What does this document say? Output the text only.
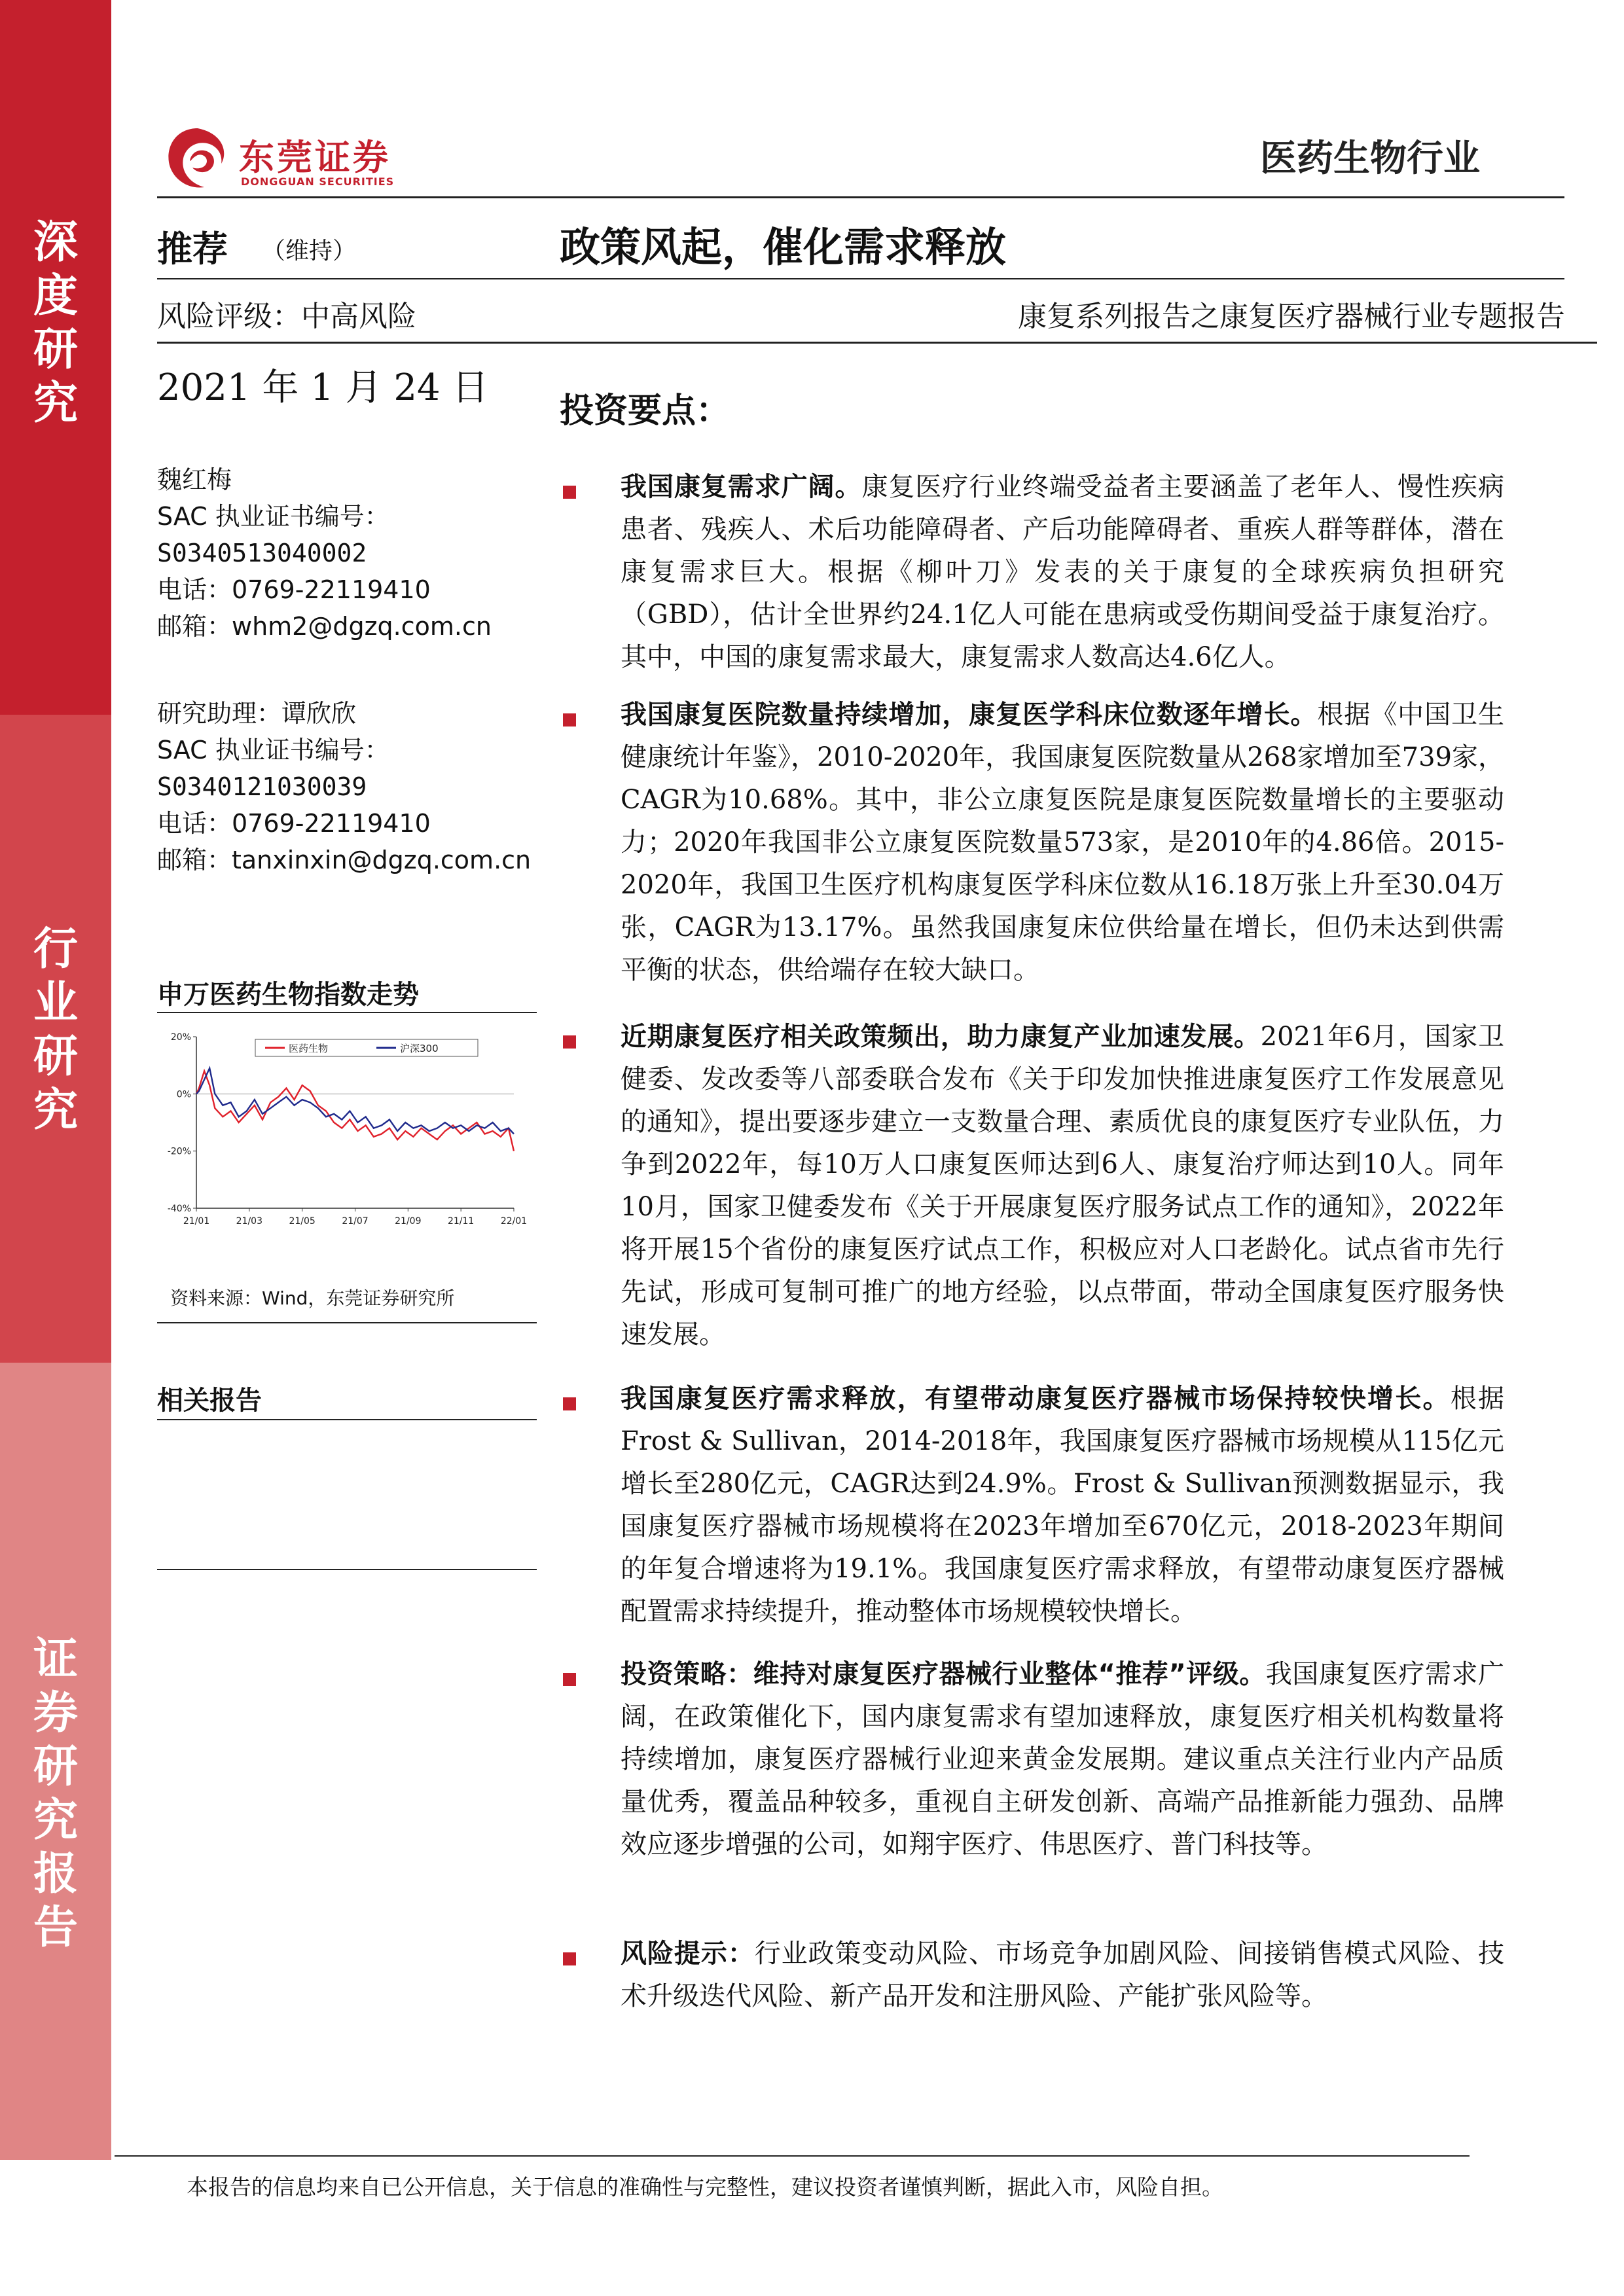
深
度
研
究
行
业
研
究
证
券
研
究
报
告
东莞证券
DONGGUAN SECURITIES
医药生物行业
推荐 （维持）	政策风起，催化需求释放
风险评级：中高风险	康复系列报告之康复医疗器械行业专题报告
2021 年 1 月 24 日
投资要点：
魏红梅
SAC 执业证书编号：
S0340513040002
电话：0769-22119410
邮箱：whm2@dgzq.com.cn
研究助理：谭欣欣
SAC 执业证书编号：
S0340121030039
电话：0769-22119410
邮箱：tanxinxin@dgzq.com.cn
申万医药生物指数走势
20%
0%
-20%
-40%
21/01	21/03	21/05	21/07	21/09	21/11	22/01
医药生物	沪深300
资料来源：Wind，东莞证券研究所
相关报告
我国康复需求广阔。康复医疗行业终端受益者主要涵盖了老年人、慢性疾病患者、残疾人、术后功能障碍者、产后功能障碍者、重疾人群等群体，潜在康复需求巨大。根据《柳叶刀》发表的关于康复的全球疾病负担研究（GBD），估计全世界约24.1亿人可能在患病或受伤期间受益于康复治疗。其中，中国的康复需求最大，康复需求人数高达4.6亿人。
我国康复医院数量持续增加，康复医学科床位数逐年增长。根据《中国卫生健康统计年鉴》，2010-2020年，我国康复医院数量从268家增加至739家，CAGR为10.68%。其中，非公立康复医院是康复医院数量增长的主要驱动力；2020年我国非公立康复医院数量573家，是2010年的4.86倍。2015-2020年，我国卫生医疗机构康复医学科床位数从16.18万张上升至30.04万张，CAGR为13.17%。虽然我国康复床位供给量在增长，但仍未达到供需平衡的状态，供给端存在较大缺口。
近期康复医疗相关政策频出，助力康复产业加速发展。2021年6月，国家卫健委、发改委等八部委联合发布《关于印发加快推进康复医疗工作发展意见的通知》，提出要逐步建立一支数量合理、素质优良的康复医疗专业队伍，力争到2022年，每10万人口康复医师达到6人、康复治疗师达到10人。同年10月，国家卫健委发布《关于开展康复医疗服务试点工作的通知》，2022年将开展15个省份的康复医疗试点工作，积极应对人口老龄化。试点省市先行先试，形成可复制可推广的地方经验，以点带面，带动全国康复医疗服务快速发展。
我国康复医疗需求释放，有望带动康复医疗器械市场保持较快增长。根据Frost & Sullivan，2014-2018年，我国康复医疗器械市场规模从115亿元增长至280亿元，CAGR达到24.9%。Frost & Sullivan预测数据显示，我国康复医疗器械市场规模将在2023年增加至670亿元，2018-2023年期间的年复合增速将为19.1%。我国康复医疗需求释放，有望带动康复医疗器械配置需求持续提升，推动整体市场规模较快增长。
投资策略：维持对康复医疗器械行业整体“推荐”评级。我国康复医疗需求广阔，在政策催化下，国内康复需求有望加速释放，康复医疗相关机构数量将持续增加，康复医疗器械行业迎来黄金发展期。建议重点关注行业内产品质量优秀，覆盖品种较多，重视自主研发创新、高端产品推新能力强劲、品牌效应逐步增强的公司，如翔宇医疗、伟思医疗、普门科技等。
风险提示：行业政策变动风险、市场竞争加剧风险、间接销售模式风险、技术升级迭代风险、新产品开发和注册风险、产能扩张风险等。
本报告的信息均来自已公开信息，关于信息的准确性与完整性，建议投资者谨慎判断，据此入市，风险自担。
